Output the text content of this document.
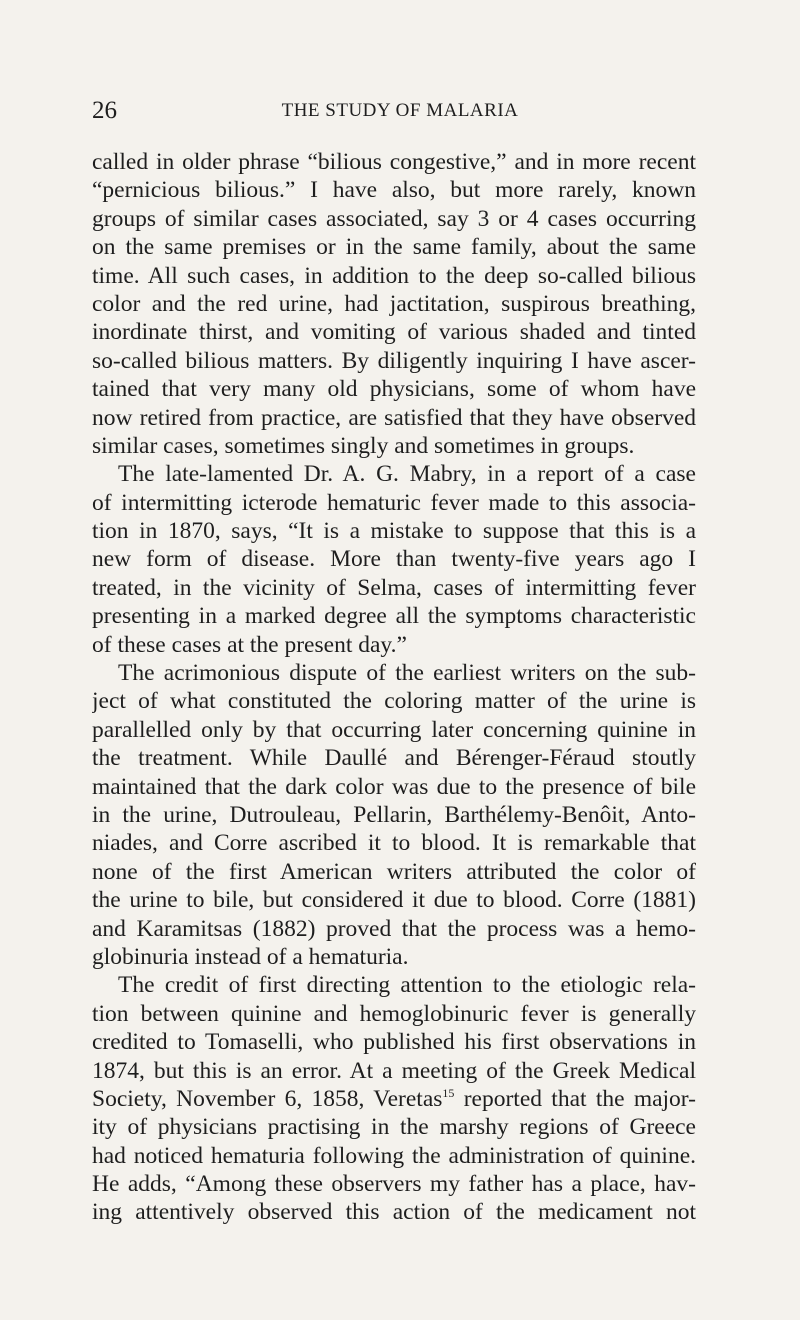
26	THE STUDY OF MALARIA
called in older phrase “bilious congestive,” and in more recent
“pernicious bilious.” I have also, but more rarely, known
groups of similar cases associated, say 3 or 4 cases occurring
on the same premises or in the same family, about the same
time. All such cases, in addition to the deep so-called bilious
color and the red urine, had jactitation, suspirous breathing,
inordinate thirst, and vomiting of various shaded and tinted
so-called bilious matters. By diligently inquiring I have ascer-
tained that very many old physicians, some of whom have
now retired from practice, are satisfied that they have observed
similar cases, sometimes singly and sometimes in groups.
The late-lamented Dr. A. G. Mabry, in a report of a case
of intermitting icterode hematuric fever made to this associa-
tion in 1870, says, “It is a mistake to suppose that this is a
new form of disease. More than twenty-five years ago I
treated, in the vicinity of Selma, cases of intermitting fever
presenting in a marked degree all the symptoms characteristic
of these cases at the present day.”
The acrimonious dispute of the earliest writers on the sub-
ject of what constituted the coloring matter of the urine is
parallelled only by that occurring later concerning quinine in
the treatment. While Daullé and Bérenger-Féraud stoutly
maintained that the dark color was due to the presence of bile
in the urine, Dutrouleau, Pellarin, Barthélemy-Benôit, Anto-
niades, and Corre ascribed it to blood. It is remarkable that
none of the first American writers attributed the color of
the urine to bile, but considered it due to blood. Corre (1881)
and Karamitsas (1882) proved that the process was a hemo-
globinuria instead of a hematuria.
The credit of first directing attention to the etiologic rela-
tion between quinine and hemoglobinuric fever is generally
credited to Tomaselli, who published his first observations in
1874, but this is an error. At a meeting of the Greek Medical
Society, November 6, 1858, Veretas$^{15}$ reported that the major-
ity of physicians practising in the marshy regions of Greece
had noticed hematuria following the administration of quinine.
He adds, “Among these observers my father has a place, hav-
ing attentively observed this action of the medicament not
